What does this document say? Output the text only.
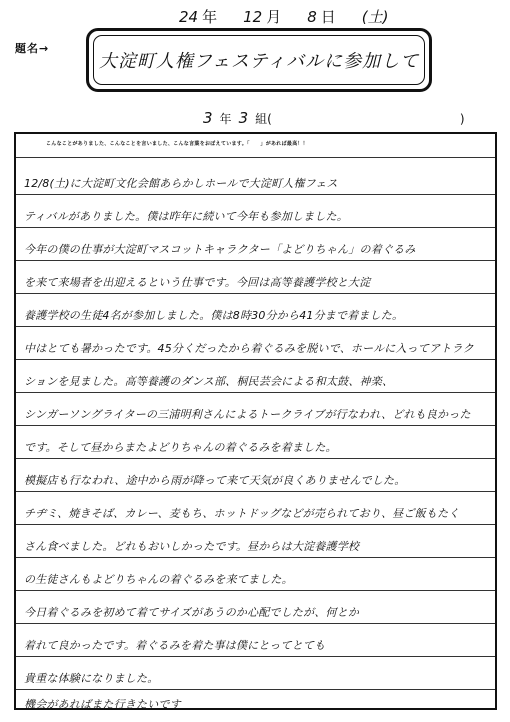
24 年 12 月 8 日 (土)
題名→
大淀町人権フェスティバルに参加して
3 年 3 組 (	)
こんなことがありました、こんなことを言いました、こんな言葉をおぼえています。「　　」があれば最高！！
12/8(土)に大淀町文化会館あらかしホールで大淀町人権フェス
ティバルがありました。僕は昨年に続いて今年も参加しました。
今年の僕の仕事が大淀町マスコットキャラクター「よどりちゃん」の着ぐるみ
を来て来場者を出迎えるという仕事です。今回は高等養護学校と大淀
養護学校の生徒4名が参加しました。僕は8時30分から41分まで着ました。
中はとても暑かったです。45分くだったから着ぐるみを脱いで、ホールに入ってアトラク
ションを見ました。高等養護のダンス部、桐民芸会による和太鼓、神楽、
シンガーソングライターの三浦明利さんによるトークライブが行なわれ、どれも良かった
です。そして昼からまたよどりちゃんの着ぐるみを着ました。
模擬店も行なわれ、途中から雨が降って来て天気が良くありませんでした。
チヂミ、焼きそば、カレー、麦もち、ホットドッグなどが売られており、昼ご飯もたく
さん食べました。どれもおいしかったです。昼からは大淀養護学校
の生徒さんもよどりちゃんの着ぐるみを来てました。
今日着ぐるみを初めて着てサイズがあうのか心配でしたが、何とか
着れて良かったです。着ぐるみを着た事は僕にとってとても
貴重な体験になりました。
機会があればまた行きたいです
